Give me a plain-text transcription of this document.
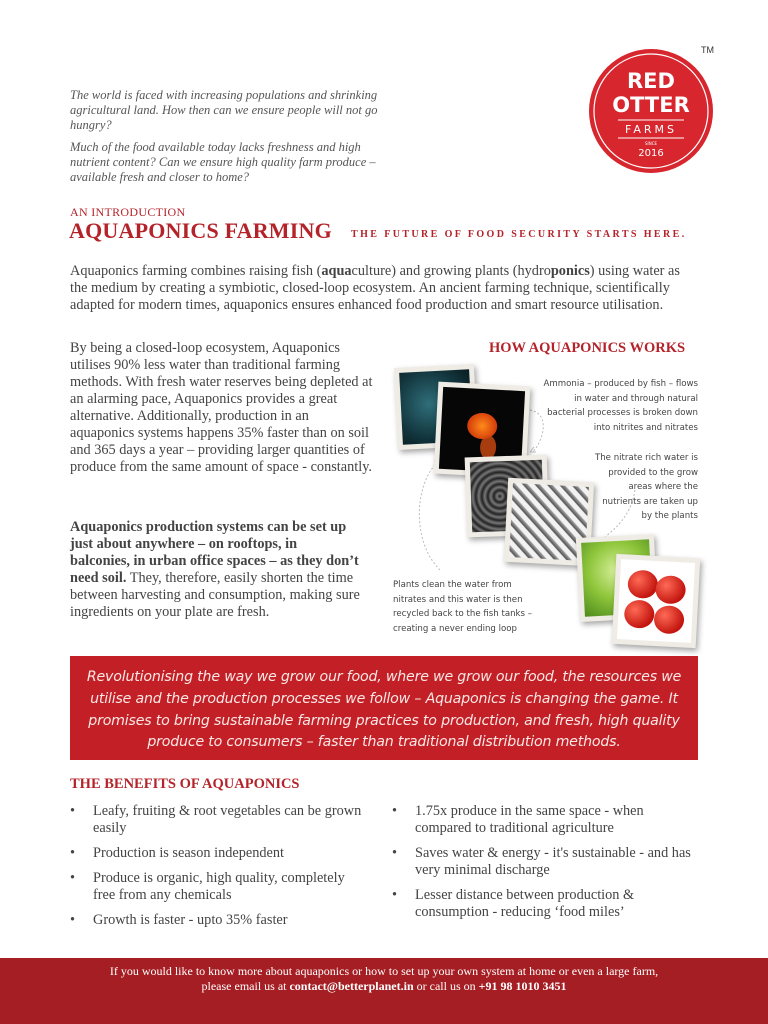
The world is faced with increasing populations and shrinking agricultural land. How then can we ensure people will not go hungry?

Much of the food available today lacks freshness and high nutrient content? Can we ensure high quality farm produce – available fresh and closer to home?

TM
RED
OTTER
FARMS
SINCE
2016
AN INTRODUCTION
AQUAPONICS FARMING THE FUTURE OF FOOD SECURITY STARTS HERE.

Aquaponics farming combines raising fish (aquaculture) and growing plants (hydroponics) using water as the medium by creating a symbiotic, closed-loop ecosystem. An ancient farming technique, scientifically adapted for modern times, aquaponics ensures enhanced food production and smart resource utilisation.

By being a closed-loop ecosystem, Aquaponics utilises 90% less water than traditional farming methods. With fresh water reserves being depleted at an alarming pace, Aquaponics provides a great alternative. Additionally, production in an aquaponics systems happens 35% faster than on soil and 365 days a year – providing larger quantities of produce from the same amount of space - constantly.

Aquaponics production systems can be set up just about anywhere – on rooftops, in balconies, in urban office spaces – as they don’t need soil. They, therefore, easily shorten the time between harvesting and consumption, making sure ingredients on your plate are fresh.

HOW AQUAPONICS WORKS

Ammonia – produced by fish – flows in water and through natural bacterial processes is broken down into nitrites and nitrates

The nitrate rich water is provided to the grow areas where the nutrients are taken up by the plants

Plants clean the water from nitrates and this water is then recycled back to the fish tanks – creating a never ending loop

Revolutionising the way we grow our food, where we grow our food, the resources we utilise and the production processes we follow – Aquaponics is changing the game. It promises to bring sustainable farming practices to production, and fresh, high quality produce to consumers – faster than traditional distribution methods.
THE BENEFITS OF AQUAPONICS
• Leafy, fruiting & root vegetables can be grown easily
• Production is season independent
• Produce is organic, high quality, completely free from any chemicals
• Growth is faster - upto 35% faster
• 1.75x produce in the same space - when compared to traditional agriculture
• Saves water & energy - it's sustainable - and has very minimal discharge
• Lesser distance between production & consumption - reducing ‘food miles’
If you would like to know more about aquaponics or how to set up your own system at home or even a large farm,
please email us at contact@betterplanet.in or call us on +91 98 1010 3451
